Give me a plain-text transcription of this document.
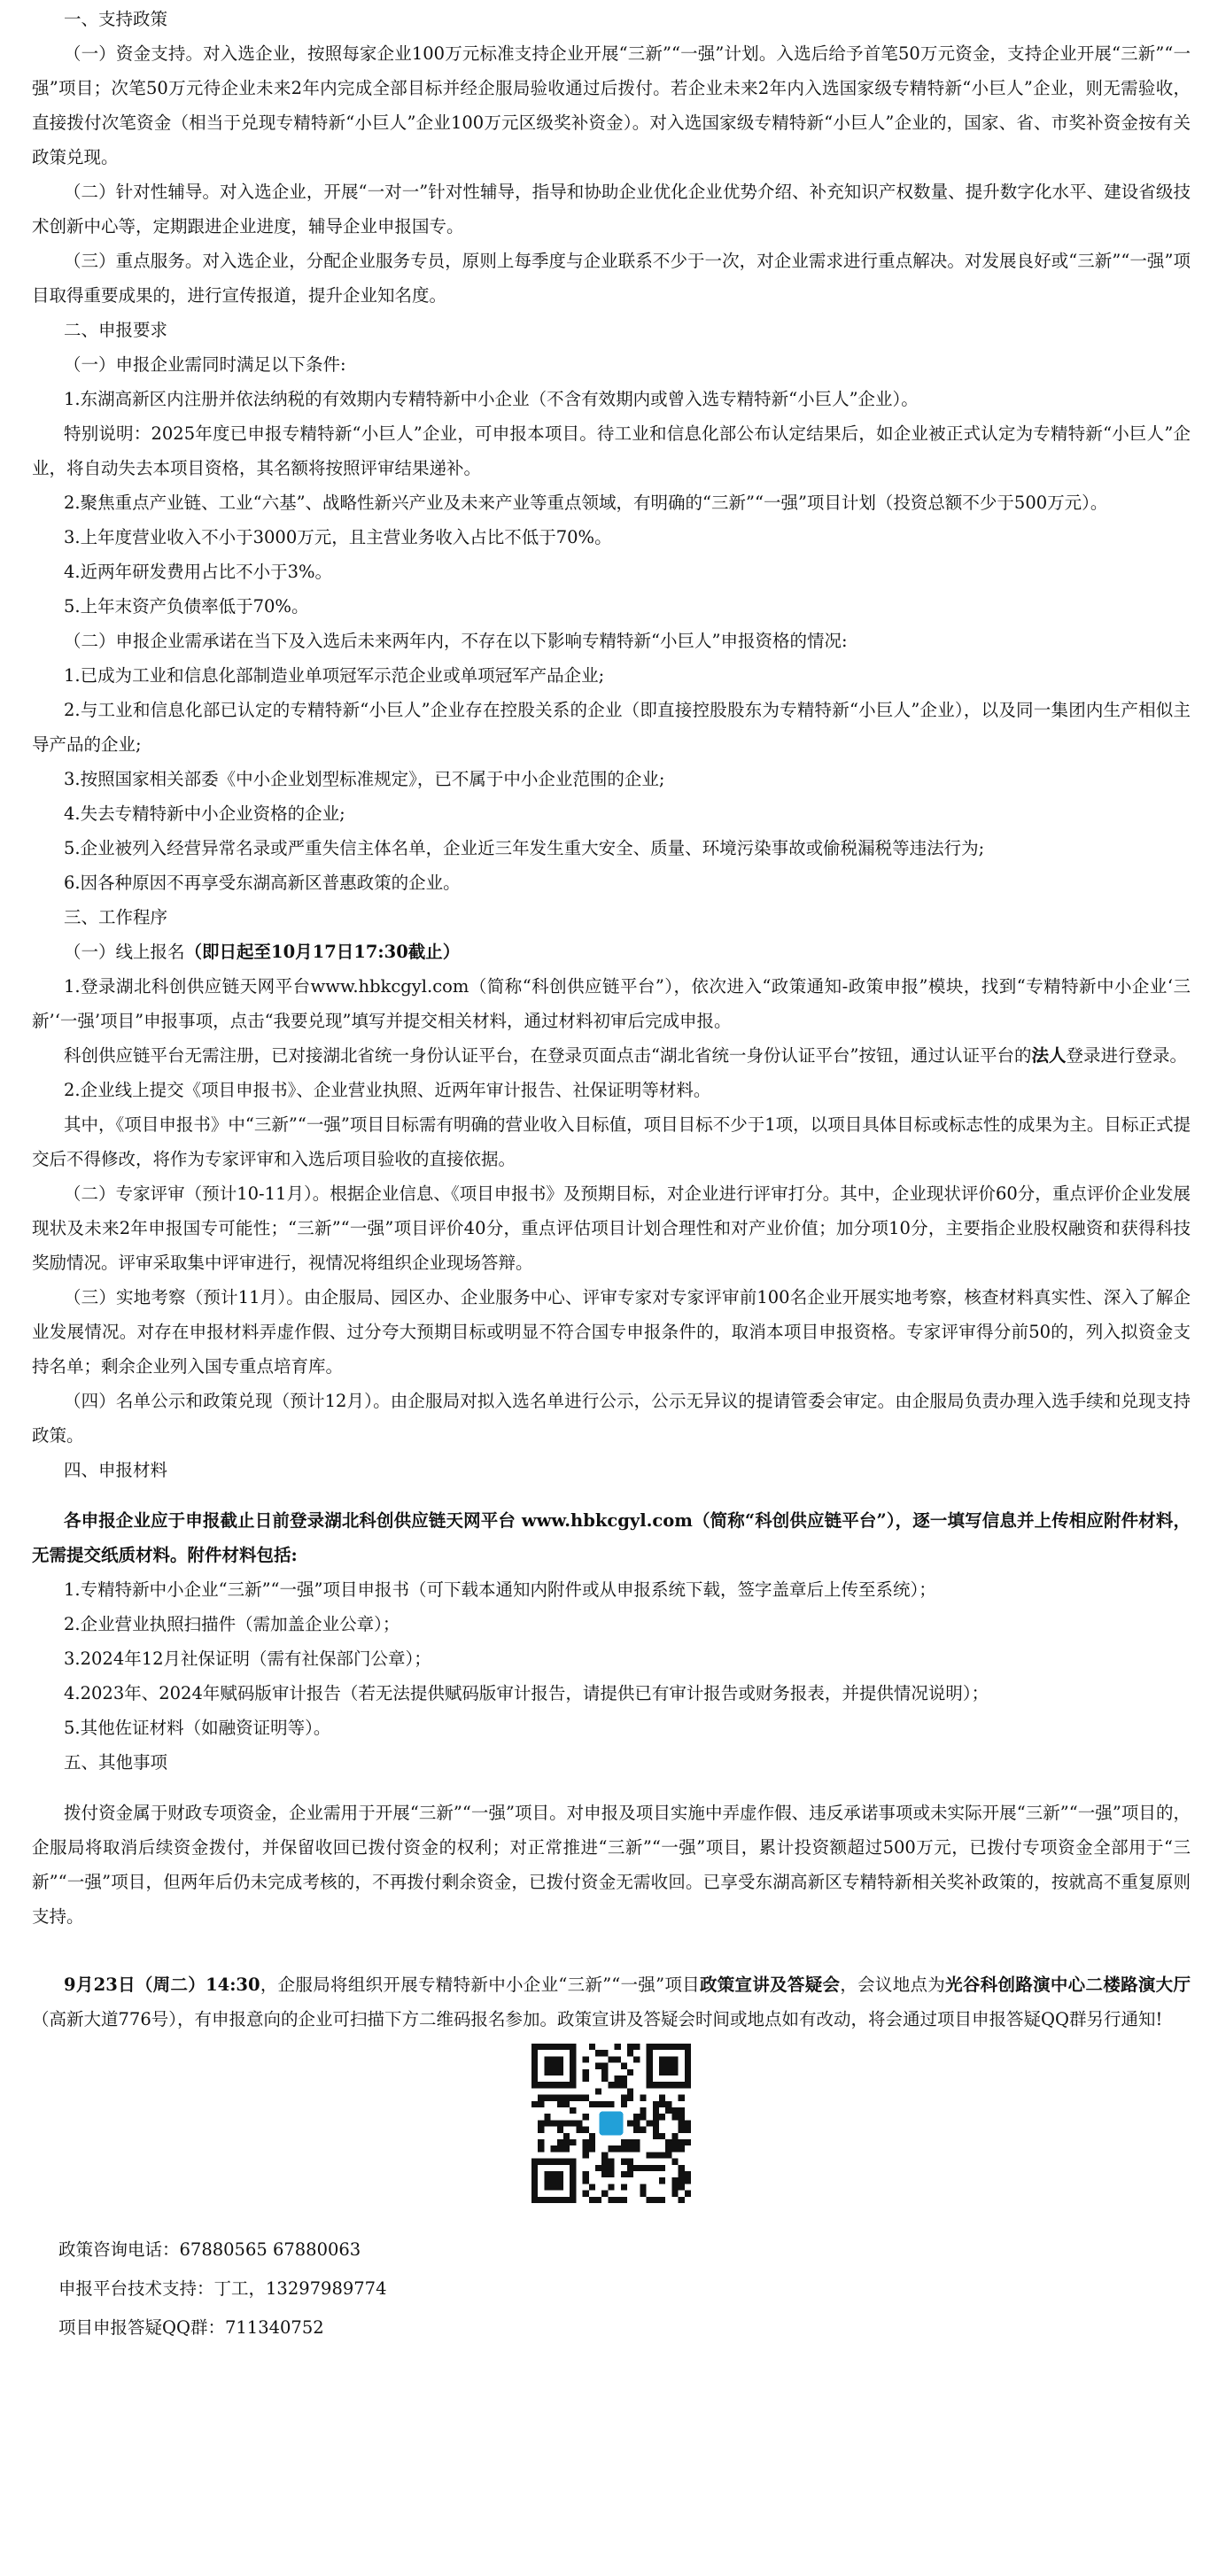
一、支持政策

（一）资金支持。对入选企业，按照每家企业100万元标准支持企业开展“三新”“一强”计划。入选后给予首笔50万元资金，支持企业开展“三新”“一强”项目；次笔50万元待企业未来2年内完成全部目标并经企服局验收通过后拨付。若企业未来2年内入选国家级专精特新“小巨人”企业，则无需验收，直接拨付次笔资金（相当于兑现专精特新“小巨人”企业100万元区级奖补资金）。对入选国家级专精特新“小巨人”企业的，国家、省、市奖补资金按有关政策兑现。

（二）针对性辅导。对入选企业，开展“一对一”针对性辅导，指导和协助企业优化企业优势介绍、补充知识产权数量、提升数字化水平、建设省级技术创新中心等，定期跟进企业进度，辅导企业申报国专。

（三）重点服务。对入选企业，分配企业服务专员，原则上每季度与企业联系不少于一次，对企业需求进行重点解决。对发展良好或“三新”“一强”项目取得重要成果的，进行宣传报道，提升企业知名度。

二、申报要求

（一）申报企业需同时满足以下条件:

1.东湖高新区内注册并依法纳税的有效期内专精特新中小企业（不含有效期内或曾入选专精特新“小巨人”企业）。

特别说明：2025年度已申报专精特新“小巨人”企业，可申报本项目。待工业和信息化部公布认定结果后，如企业被正式认定为专精特新“小巨人”企业，将自动失去本项目资格，其名额将按照评审结果递补。

2.聚焦重点产业链、工业“六基”、战略性新兴产业及未来产业等重点领域，有明确的“三新”“一强”项目计划（投资总额不少于500万元）。

3.上年度营业收入不小于3000万元，且主营业务收入占比不低于70%。

4.近两年研发费用占比不小于3%。

5.上年末资产负债率低于70%。

（二）申报企业需承诺在当下及入选后未来两年内，不存在以下影响专精特新“小巨人”申报资格的情况:

1.已成为工业和信息化部制造业单项冠军示范企业或单项冠军产品企业;

2.与工业和信息化部已认定的专精特新“小巨人”企业存在控股关系的企业（即直接控股股东为专精特新“小巨人”企业），以及同一集团内生产相似主导产品的企业;

3.按照国家相关部委《中小企业划型标准规定》，已不属于中小企业范围的企业;

4.失去专精特新中小企业资格的企业;

5.企业被列入经营异常名录或严重失信主体名单，企业近三年发生重大安全、质量、环境污染事故或偷税漏税等违法行为;

6.因各种原因不再享受东湖高新区普惠政策的企业。

三、工作程序

（一）线上报名（即日起至10月17日17:30截止）

1.登录湖北科创供应链天网平台www.hbkcgyl.com（简称“科创供应链平台”），依次进入“政策通知-政策申报”模块，找到“专精特新中小企业‘三新’‘一强’项目”申报事项，点击“我要兑现”填写并提交相关材料，通过材料初审后完成申报。

科创供应链平台无需注册，已对接湖北省统一身份认证平台，在登录页面点击“湖北省统一身份认证平台”按钮，通过认证平台的法人登录进行登录。

2.企业线上提交《项目申报书》、企业营业执照、近两年审计报告、社保证明等材料。

其中，《项目申报书》中“三新”“一强”项目目标需有明确的营业收入目标值，项目目标不少于1项，以项目具体目标或标志性的成果为主。目标正式提交后不得修改，将作为专家评审和入选后项目验收的直接依据。

（二）专家评审（预计10-11月）。根据企业信息、《项目申报书》及预期目标，对企业进行评审打分。其中，企业现状评价60分，重点评价企业发展现状及未来2年申报国专可能性；“三新”“一强”项目评价40分，重点评估项目计划合理性和对产业价值；加分项10分，主要指企业股权融资和获得科技奖励情况。评审采取集中评审进行，视情况将组织企业现场答辩。

（三）实地考察（预计11月）。由企服局、园区办、企业服务中心、评审专家对专家评审前100名企业开展实地考察，核查材料真实性、深入了解企业发展情况。对存在申报材料弄虚作假、过分夸大预期目标或明显不符合国专申报条件的，取消本项目申报资格。专家评审得分前50的，列入拟资金支持名单；剩余企业列入国专重点培育库。

（四）名单公示和政策兑现（预计12月）。由企服局对拟入选名单进行公示，公示无异议的提请管委会审定。由企服局负责办理入选手续和兑现支持政策。

四、申报材料

各申报企业应于申报截止日前登录湖北科创供应链天网平台 www.hbkcgyl.com（简称“科创供应链平台”），逐一填写信息并上传相应附件材料，无需提交纸质材料。附件材料包括:

1.专精特新中小企业“三新”“一强”项目申报书（可下载本通知内附件或从申报系统下载，签字盖章后上传至系统）；

2.企业营业执照扫描件（需加盖企业公章）；

3.2024年12月社保证明（需有社保部门公章）；

4.2023年、2024年赋码版审计报告（若无法提供赋码版审计报告，请提供已有审计报告或财务报表，并提供情况说明）；

5.其他佐证材料（如融资证明等）。

五、其他事项

拨付资金属于财政专项资金，企业需用于开展“三新”“一强”项目。对申报及项目实施中弄虚作假、违反承诺事项或未实际开展“三新”“一强”项目的，企服局将取消后续资金拨付，并保留收回已拨付资金的权利；对正常推进“三新”“一强”项目，累计投资额超过500万元，已拨付专项资金全部用于“三新”“一强”项目，但两年后仍未完成考核的，不再拨付剩余资金，已拨付资金无需收回。已享受东湖高新区专精特新相关奖补政策的，按就高不重复原则支持。

9月23日（周二）14:30，企服局将组织开展专精特新中小企业“三新”“一强”项目政策宣讲及答疑会，会议地点为光谷科创路演中心二楼路演大厅（高新大道776号），有申报意向的企业可扫描下方二维码报名参加。政策宣讲及答疑会时间或地点如有改动，将会通过项目申报答疑QQ群另行通知!

政策咨询电话：67880565 67880063

申报平台技术支持：丁工，13297989774

项目申报答疑QQ群：711340752
